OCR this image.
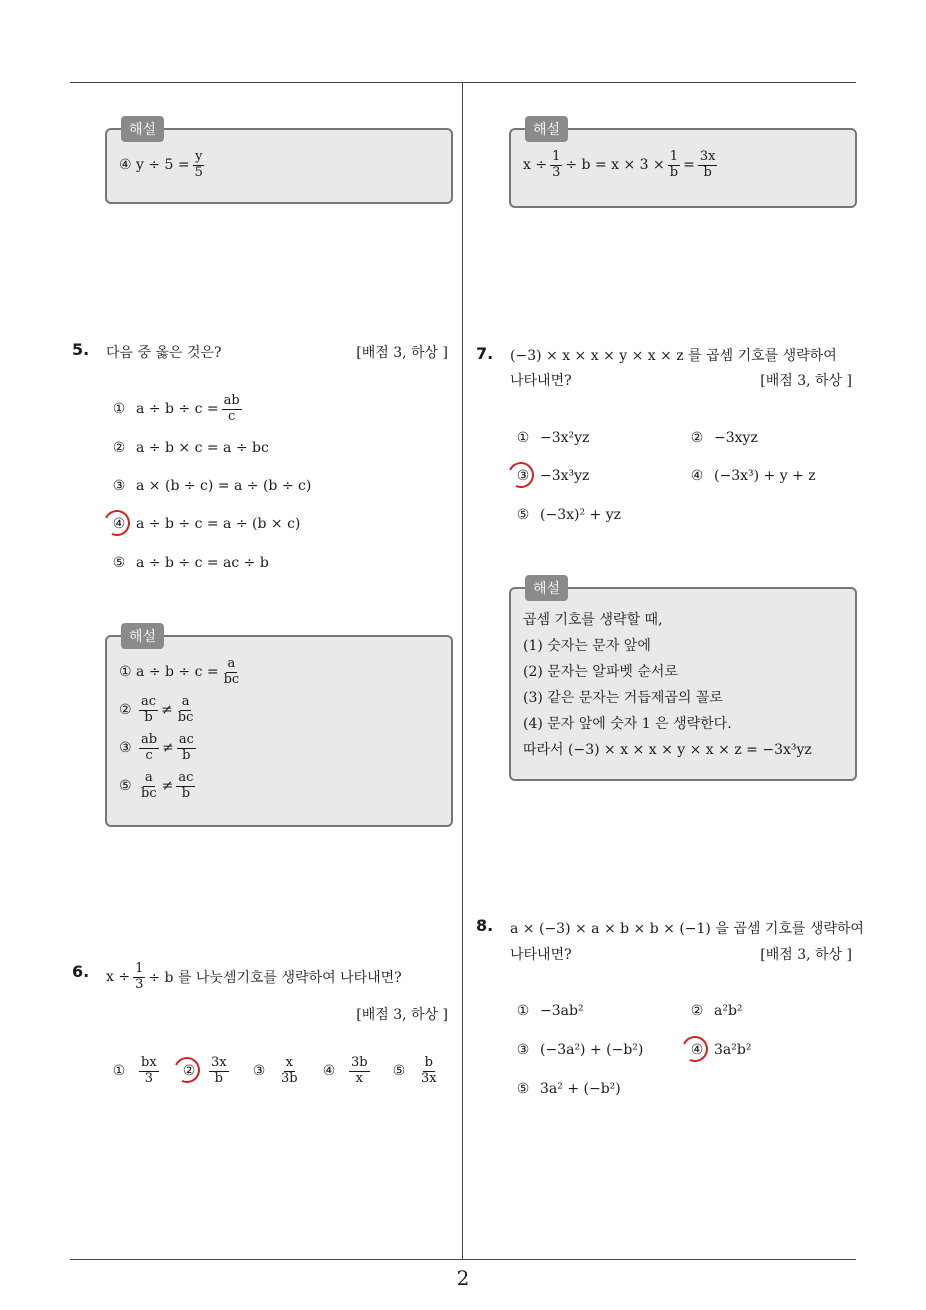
2
해설
④ $y \div 5 = \frac{y}{5}$
5. 다음 중 옳은 것은?	[배점 3, 하상 ]
① $a \div b \div c = \frac{ab}{c}$
② a ÷ b × c = a ÷ bc
③ a × (b ÷ c) = a ÷ (b ÷ c)
④ a ÷ b ÷ c = a ÷ (b × c)
⑤ a ÷ b ÷ c = ac ÷ b
해설
①
$a \div b \div c = \frac{a}{bc}$
②
$\frac{ac}{b} \ne \frac{a}{bc}$
③
$\frac{ab}{c} \ne \frac{ac}{b}$
⑤
$\frac{a}{bc} \ne \frac{ac}{b}$
6. $x \div \frac{1}{3} \div b$ 를 나눗셈기호를 생략하여 나타내면?
[배점 3, 하상 ]
①	$\frac{bx}{3}$	②	$\frac{3x}{b}$	③	$\frac{x}{3b}$	④	$\frac{3b}{x}$	⑤	$\frac{b}{3x}$
해설
$x \div \frac{1}{3} \div b = x \times 3 \times \frac{1}{b} = \frac{3x}{b}$
7. (−3) × x × x × y × x × z 를 곱셈 기호를 생략하여
나타내면?	[배점 3, 하상 ]
① −3x²yz	② −3xyz
③ −3x³yz	④ (−3x³) + y + z
⑤ (−3x)² + yz
해설
곱셈 기호를 생략할 때,
(1) 숫자는 문자 앞에
(2) 문자는 알파벳 순서로
(3) 같은 문자는 거듭제곱의 꼴로
(4) 문자 앞에 숫자 1 은 생략한다.
따라서 (−3) × x × x × y × x × z = −3x³yz
8. a × (−3) × a × b × b × (−1) 을 곱셈 기호를 생략하여
나타내면?	[배점 3, 하상 ]
① −3ab²	② a²b²
③ (−3a²) + (−b²)	④ 3a²b²
⑤ 3a² + (−b²)
